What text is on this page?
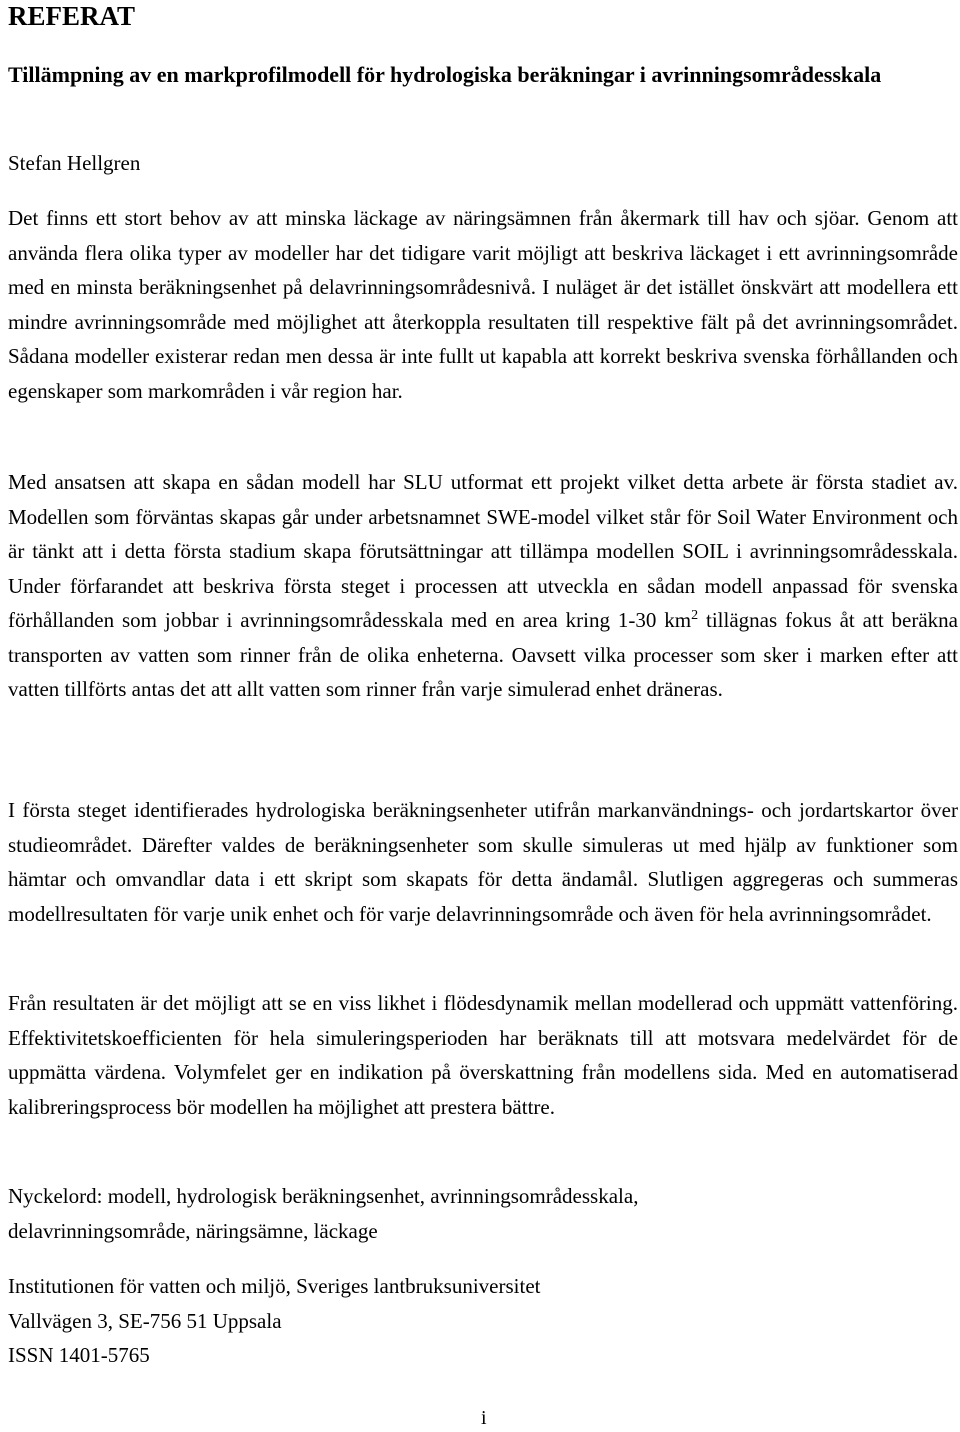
REFERAT
Tillämpning av en markprofilmodell för hydrologiska beräkningar i avrinningsområdesskala

Stefan Hellgren

Det finns ett stort behov av att minska läckage av näringsämnen från åkermark till hav och sjöar. Genom att använda flera olika typer av modeller har det tidigare varit möjligt att beskriva läckaget i ett avrinningsområde med en minsta beräkningsenhet på delavrinningsområdesnivå. I nuläget är det istället önskvärt att modellera ett mindre avrinningsområde med möjlighet att återkoppla resultaten till respektive fält på det avrinningsområdet. Sådana modeller existerar redan men dessa är inte fullt ut kapabla att korrekt beskriva svenska förhållanden och egenskaper som markområden i vår region har.

Med ansatsen att skapa en sådan modell har SLU utformat ett projekt vilket detta arbete är första stadiet av. Modellen som förväntas skapas går under arbetsnamnet SWE-model vilket står för Soil Water Environment och är tänkt att i detta första stadium skapa förutsättningar att tillämpa modellen SOIL i avrinningsområdesskala. Under förfarandet att beskriva första steget i processen att utveckla en sådan modell anpassad för svenska förhållanden som jobbar i avrinningsområdesskala med en area kring 1-30 $km^2$ tillägnas fokus åt att beräkna transporten av vatten som rinner från de olika enheterna. Oavsett vilka processer som sker i marken efter att vatten tillförts antas det att allt vatten som rinner från varje simulerad enhet dräneras.

I första steget identifierades hydrologiska beräkningsenheter utifrån markanvändnings- och jordartskartor över studieområdet. Därefter valdes de beräkningsenheter som skulle simuleras ut med hjälp av funktioner som hämtar och omvandlar data i ett skript som skapats för detta ändamål. Slutligen aggregeras och summeras modellresultaten för varje unik enhet och för varje delavrinningsområde och även för hela avrinningsområdet.

Från resultaten är det möjligt att se en viss likhet i flödesdynamik mellan modellerad och uppmätt vattenföring. Effektivitetskoefficienten för hela simuleringsperioden har beräknats till att motsvara medelvärdet för de uppmätta värdena. Volymfelet ger en indikation på överskattning från modellens sida. Med en automatiserad kalibreringsprocess bör modellen ha möjlighet att prestera bättre.

Nyckelord: modell, hydrologisk beräkningsenhet, avrinningsområdesskala,
delavrinningsområde, näringsämne, läckage

Institutionen för vatten och miljö, Sveriges lantbruksuniversitet
Vallvägen 3, SE-756 51 Uppsala
ISSN 1401-5765
i
